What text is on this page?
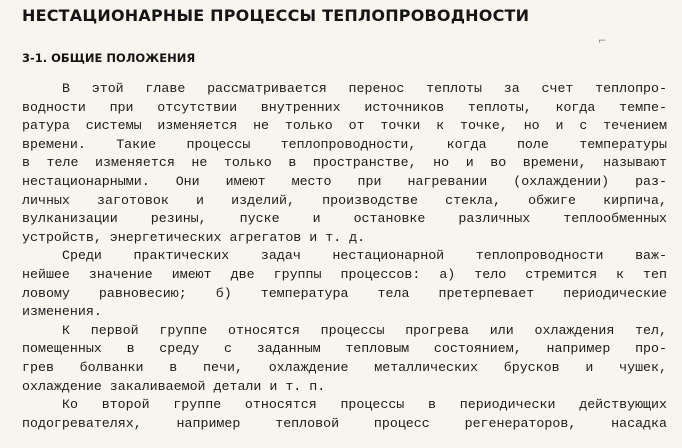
НЕСТАЦИОНАРНЫЕ ПРОЦЕССЫ ТЕПЛОПРОВОДНОСТИ
⌐
3-1. ОБЩИЕ ПОЛОЖЕНИЯ

В этой главе рассматривается перенос теплоты за счет теплопро-
водности при отсутствии внутренних источников теплоты, когда темпе-
ратура системы изменяется не только от точки к точке, но и с течением
времени. Такие процессы теплопроводности, когда поле температуры
в теле изменяется не только в пространстве, но и во времени, называют
нестационарными. Они имеют место при нагревании (охлаждении) раз-
личных заготовок и изделий, производстве стекла, обжиге кирпича,
вулканизации резины, пуске и остановке различных теплообменных
устройств, энергетических агрегатов и т. д.

Среди практических задач нестационарной теплопроводности важ-
нейшее значение имеют две группы процессов: а) тело стремится к теп
ловому равновесию; б) температура тела претерпевает периодические
изменения.

К первой группе относятся процессы прогрева или охлаждения тел,
помещенных в среду с заданным тепловым состоянием, например про-
грев болванки в печи, охлаждение металлических брусков и чушек,
охлаждение закаливаемой детали и т. п.

Ко второй группе относятся процессы в периодически действующих
подогревателях, например тепловой процесс регенераторов, насадка
